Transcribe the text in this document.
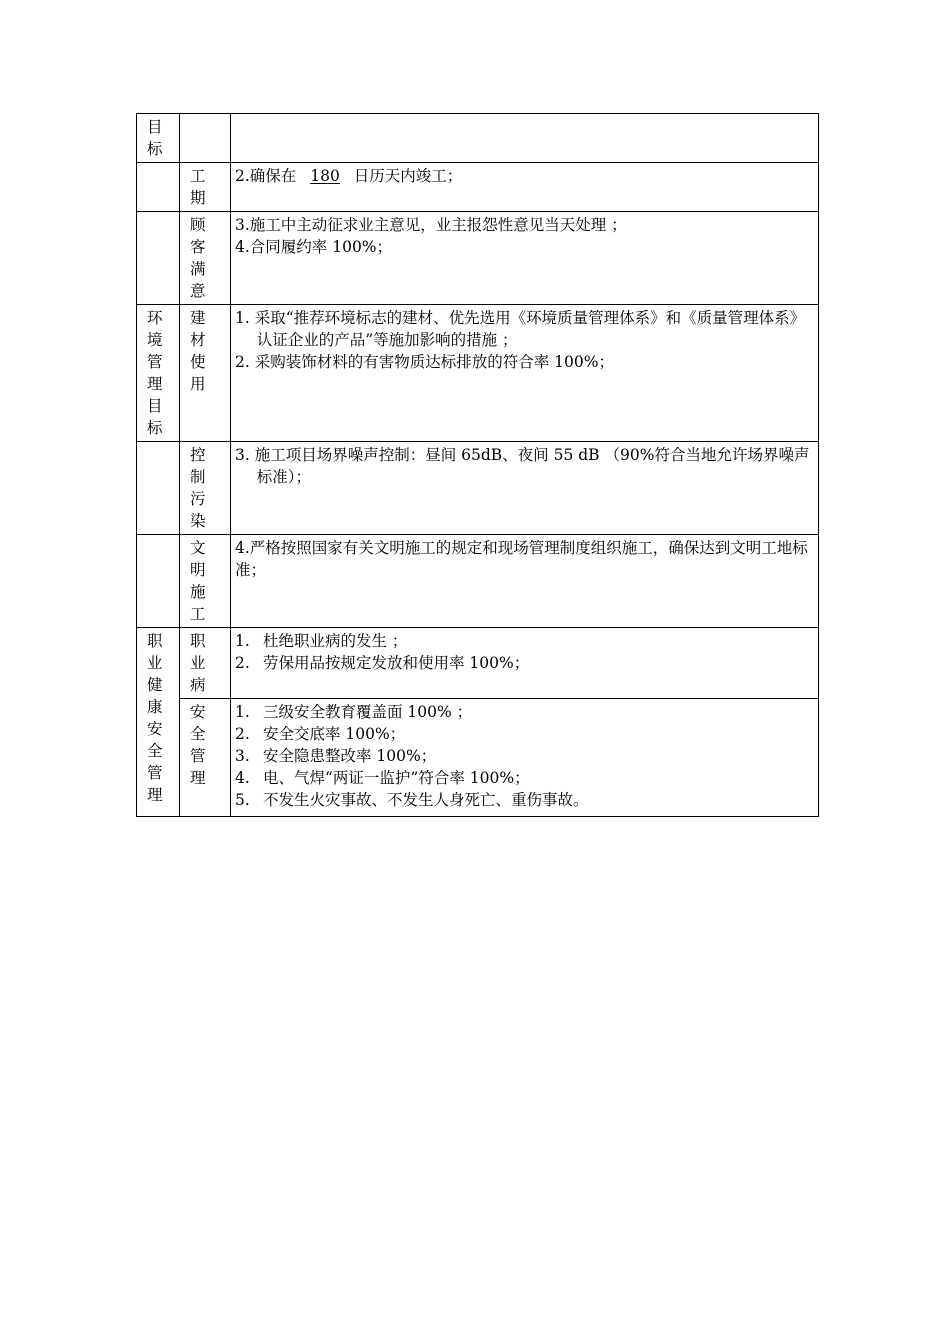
目标		

	工期	2.确保在 180 日历天内竣工；

	顾客满意	3.施工中主动征求业主意见，业主报怨性意见当天处理 ；
4.合同履约率 100%；

环境管理目标	建材使用	1. 采取“推荐环境标志的建材、优先选用《环境质量管理体系》和《质量管理体系》认证企业的产品”等施加影响的措施 ；
2. 采购装饰材料的有害物质达标排放的符合率 100%；

	控制污染	3. 施工项目场界噪声控制：昼间 65dB、夜间 55 dB （90%符合当地允许场界噪声标准）；

	文明施工	4.严格按照国家有关文明施工的规定和现场管理制度组织施工，确保达到文明工地标准；

职业健康安全管理	职业病	1. 杜绝职业病的发生 ；
2. 劳保用品按规定发放和使用率 100%；

	安全管理	1. 三级安全教育覆盖面 100% ；
2. 安全交底率 100%；
3. 安全隐患整改率 100%；
4. 电、气焊“两证一监护”符合率 100%；
5. 不发生火灾事故、不发生人身死亡、重伤事故。
